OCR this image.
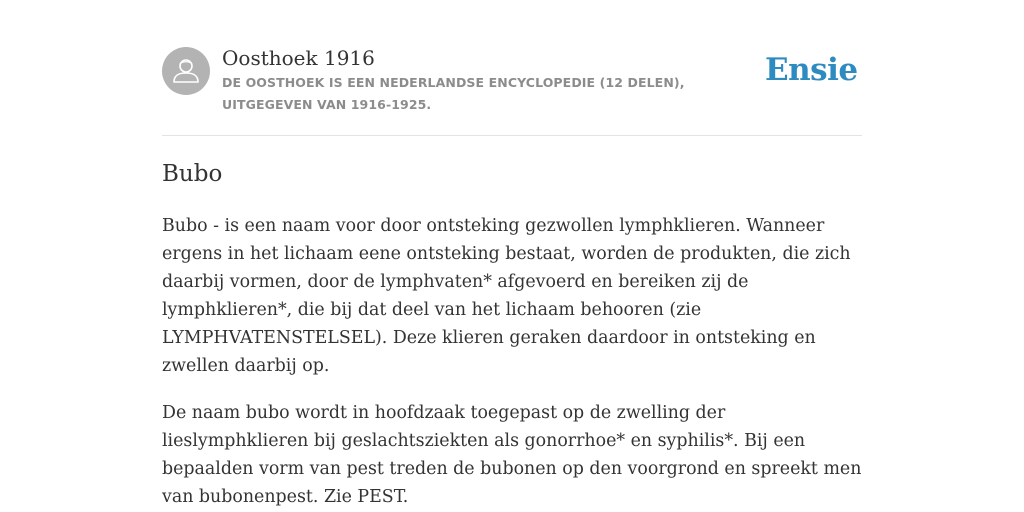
Oosthoek 1916
DE OOSTHOEK IS EEN NEDERLANDSE ENCYCLOPEDIE (12 DELEN), UITGEGEVEN VAN 1916-1925.
Ensie
Bubo

Bubo - is een naam voor door ontsteking gezwollen lymphklieren. Wanneer ergens in het lichaam eene ontsteking bestaat, worden de produkten, die zich daarbij vormen, door de lymphvaten* afgevoerd en bereiken zij de lymphklieren*, die bij dat deel van het lichaam behooren (zie LYMPHVATENSTELSEL). Deze klieren geraken daardoor in ontsteking en zwellen daarbij op.

De naam bubo wordt in hoofdzaak toegepast op de zwelling der lieslymphklieren bij geslachtsziekten als gonorrhoe* en syphilis*. Bij een bepaalden vorm van pest treden de bubonen op den voorgrond en spreekt men van bubonenpest. Zie PEST.
